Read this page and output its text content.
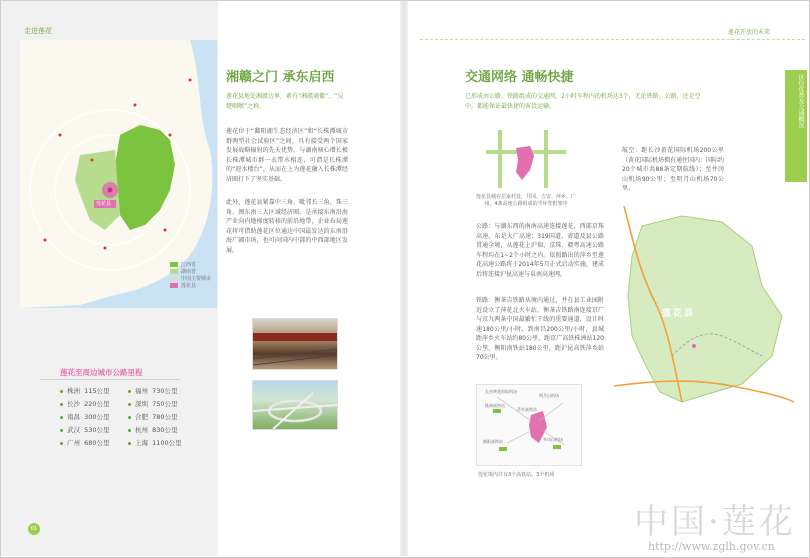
走进莲花
莲花县
江西省
湖南省
中国主要城市
莲花县
莲花至周边城市公路里程
株洲 115公里	福州 730公里
长沙 220公里	深圳 750公里
南昌 300公里	合肥 780公里
武汉 530公里	杭州 830公里
广州 680公里	上海 1100公里
01
湘赣之门 承东启西
莲花县地处湘赣边界，素有“湘赣通衢”、“吴楚咽喉”之称。
莲花位于“鄱阳湖生态经济区”和“长株潭城市群两型社会试验区”之间，具有接受两个国家发展战略辐射的先天优势，与湖南核心增长极长株潭城市群一衣带水相连，可谓是长株潭的“迎水楼台”，从而在上为莲花融入长株潭经济圈打下了坚实基础。
此外，莲花县紧靠中三角，毗邻长三角、珠三角、闽东南三大区域经济圈。是承接东南沿海产业向内地梯度转移的前沿地带，企业布局莲花将可借助莲花区位通达中国最发达的东南沿海广阔市场，也可向国内中部的中西部地区发展。
莲花开放的未来
区位优势及交通概况
交通网络 通畅快捷
已形成由公路、铁路组成的交通网，2小时车程内的机场达3个，无论铁路、公路，还是空中，都能保证最快捷的客货运输。
莲花县城在岳家村处，井冈、吉安、萍乡、广州，4条高速公路组成的半环型框架中
公路：与湖东西的南南高速连接莲花，西部京珠高速，东是大广高速；319国道、省道及县公路贯通全境，从莲花上沪瑞、京珠、赣粤高速公路车程均在1~2个小时之内。依照路出的萍乡至莲花高速公路将于2014年5月正式启动实施，建成后将连接沪昆高速与泉南高速网。
铁路：衡茶吉铁路从境内通过，并在县工业园附近设立了萍花北火车站，衡茶吉铁路南连接京广与京九两条中国最繁忙干线的重要通道，设计时速180公里/小时，到南昌200公里/小时，县城距萍乡火车站约80公里，距京广高铁株洲站120公里，衡阳南铁站180公里，距沪昆高铁萍乡站70公里。
长沙黄花国际机场
明月山机场
株洲高铁站
萍乡高铁站
衡阳高铁站	井冈山机场
莲花境内共有3个高铁站、3个机场
航空：距长沙黄花国际机场200公里（黄花国际机场拥有通往国内：国际约20个城市共88条定期航线）；至井冈山机场90公里；至明月山机场70公里。
莲花县
中国·莲花
http://www.zglh.gov.cn
